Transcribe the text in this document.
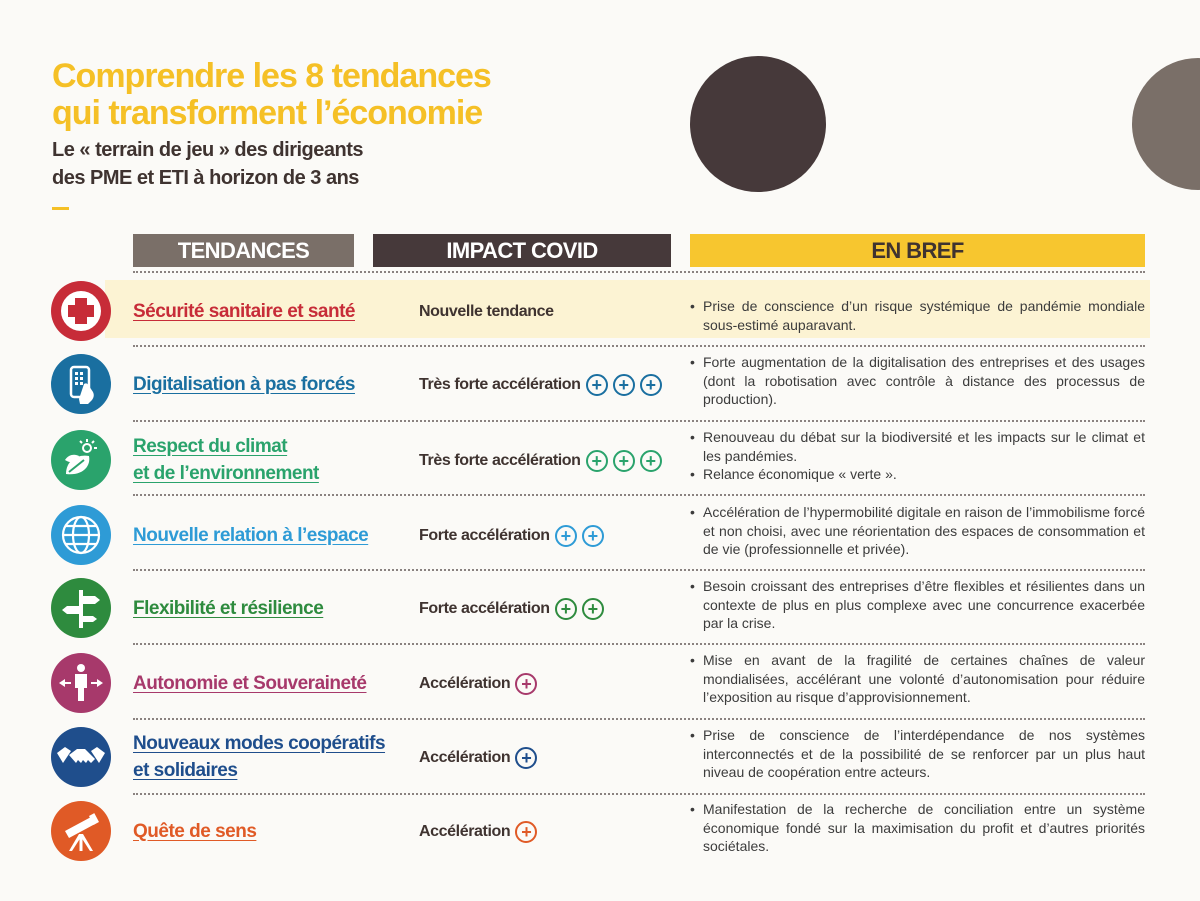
Comprendre les 8 tendances
qui transforment l’économie
Le « terrain de jeu » des dirigeants
des PME et ETI à horizon de 3 ans
TENDANCES	IMPACT COVID	EN BREF
Sécurité sanitaire et santé	Nouvelle tendance
•	Prise de conscience d’un risque systémique de pandémie mondiale sous-estimé auparavant.
Digitalisation à pas forcés	Très forte accélération + + +
• Forte augmentation de la digitalisation des entreprises et des usages (dont la robotisation avec contrôle à distance des processus de production).
Respect du climat
et de l’environnement
Très forte accélération + + +
• Renouveau du débat sur la biodiversité et les impacts sur le climat et les pandémies.
• Relance économique « verte ».
Nouvelle relation à l’espace	Forte accélération + +
• Accélération de l’hypermobilité digitale en raison de l’immobilisme forcé et non choisi, avec une réorientation des espaces de consommation et de vie (professionnelle et privée).
Flexibilité et résilience	Forte accélération + +
• Besoin croissant des entreprises d’être flexibles et résilientes dans un contexte de plus en plus complexe avec une concurrence exacerbée par la crise.
Autonomie et Souveraineté	Accélération +
• Mise en avant de la fragilité de certaines chaînes de valeur mondialisées, accélérant une volonté d’autonomisation pour réduire l’exposition au risque d’approvisionnement.
Nouveaux modes coopératifs
et solidaires
Accélération +
• Prise de conscience de l’interdépendance de nos systèmes interconnectés et de la possibilité de se renforcer par un plus haut niveau de coopération entre acteurs.
Quête de sens	Accélération +
• Manifestation de la recherche de conciliation entre un système économique fondé sur la maximisation du profit et d’autres priorités sociétales.
